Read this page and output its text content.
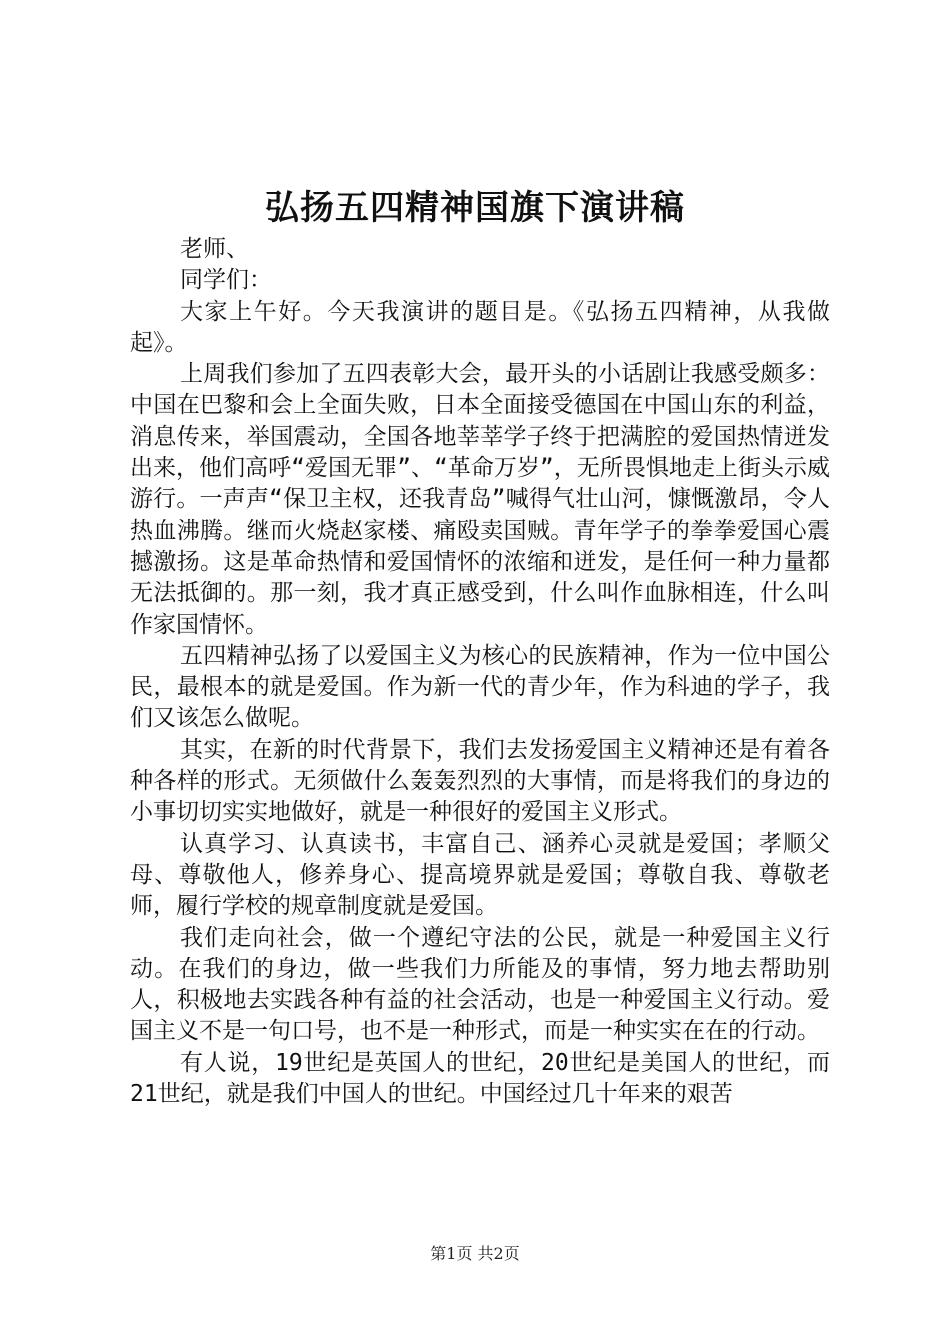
弘扬五四精神国旗下演讲稿

老师、

同学们：

大家上午好。今天我演讲的题目是。《弘扬五四精神，从我做起》。

上周我们参加了五四表彰大会，最开头的小话剧让我感受颇多：中国在巴黎和会上全面失败，日本全面接受德国在中国山东的利益，消息传来，举国震动，全国各地莘莘学子终于把满腔的爱国热情迸发出来，他们高呼“爱国无罪”、“革命万岁”，无所畏惧地走上街头示威游行。一声声“保卫主权，还我青岛”喊得气壮山河，慷慨激昂，令人热血沸腾。继而火烧赵家楼、痛殴卖国贼。青年学子的拳拳爱国心震撼激扬。这是革命热情和爱国情怀的浓缩和迸发，是任何一种力量都无法抵御的。那一刻，我才真正感受到，什么叫作血脉相连，什么叫作家国情怀。

五四精神弘扬了以爱国主义为核心的民族精神，作为一位中国公民，最根本的就是爱国。作为新一代的青少年，作为科迪的学子，我们又该怎么做呢。

其实，在新的时代背景下，我们去发扬爱国主义精神还是有着各种各样的形式。无须做什么轰轰烈烈的大事情，而是将我们的身边的小事切切实实地做好，就是一种很好的爱国主义形式。

认真学习、认真读书，丰富自己、涵养心灵就是爱国；孝顺父母、尊敬他人，修养身心、提高境界就是爱国；尊敬自我、尊敬老师，履行学校的规章制度就是爱国。

我们走向社会，做一个遵纪守法的公民，就是一种爱国主义行动。在我们的身边，做一些我们力所能及的事情，努力地去帮助别人，积极地去实践各种有益的社会活动，也是一种爱国主义行动。爱国主义不是一句口号，也不是一种形式，而是一种实实在在的行动。

有人说，19世纪是英国人的世纪，20世纪是美国人的世纪，而21世纪，就是我们中国人的世纪。中国经过几十年来的艰苦

第1页 共2页
